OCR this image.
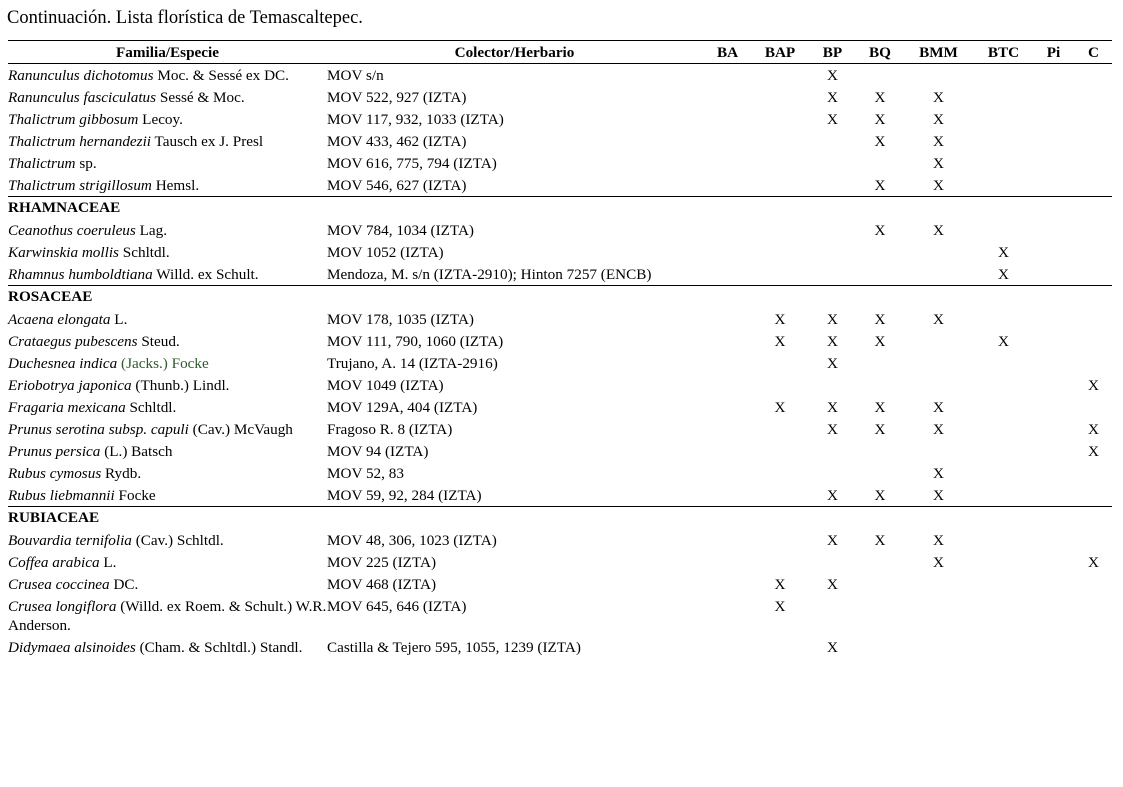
Continuación. Lista florística de Temascaltepec.
Familia/Especie	Colector/Herbario	BA	BAP	BP	BQ	BMM	BTC	Pi	C
Ranunculus dichotomus Moc. & Sessé ex DC.	MOV s/n			X					
Ranunculus fasciculatus Sessé & Moc.	MOV 522, 927 (IZTA)			X	X	X			
Thalictrum gibbosum Lecoy.	MOV 117, 932, 1033 (IZTA)			X	X	X			
Thalictrum hernandezii Tausch ex J. Presl	MOV 433, 462 (IZTA)				X	X			
Thalictrum sp.	MOV 616, 775, 794 (IZTA)					X			
Thalictrum strigillosum Hemsl.	MOV 546, 627 (IZTA)				X	X			
RHAMNACEAE									
Ceanothus coeruleus Lag.	MOV 784, 1034 (IZTA)				X	X			
Karwinskia mollis Schltdl.	MOV 1052 (IZTA)						X		
Rhamnus humboldtiana Willd. ex Schult.	Mendoza, M. s/n (IZTA-2910); Hinton 7257 (ENCB)						X		
ROSACEAE									
Acaena elongata L.	MOV 178, 1035 (IZTA)		X	X	X	X			
Crataegus pubescens Steud.	MOV 111, 790, 1060 (IZTA)		X	X	X		X		
Duchesnea indica (Jacks.) Focke	Trujano, A. 14 (IZTA-2916)			X					
Eriobotrya japonica (Thunb.) Lindl.	MOV 1049 (IZTA)								X
Fragaria mexicana Schltdl.	MOV 129A, 404 (IZTA)		X	X	X	X			
Prunus serotina subsp. capuli (Cav.) McVaugh	Fragoso R. 8 (IZTA)			X	X	X			X
Prunus persica (L.) Batsch	MOV 94 (IZTA)								X
Rubus cymosus Rydb.	MOV 52, 83					X			
Rubus liebmannii Focke	MOV 59, 92, 284 (IZTA)			X	X	X			
RUBIACEAE									
Bouvardia ternifolia (Cav.) Schltdl.	MOV 48, 306, 1023 (IZTA)			X	X	X			
Coffea arabica L.	MOV 225 (IZTA)					X			X
Crusea coccinea DC.	MOV 468 (IZTA)		X	X					
Crusea longiflora (Willd. ex Roem. & Schult.) W.R. Anderson.	MOV 645, 646 (IZTA)		X						
Didymaea alsinoides (Cham. & Schltdl.) Standl.	Castilla & Tejero 595, 1055, 1239 (IZTA)			X					
